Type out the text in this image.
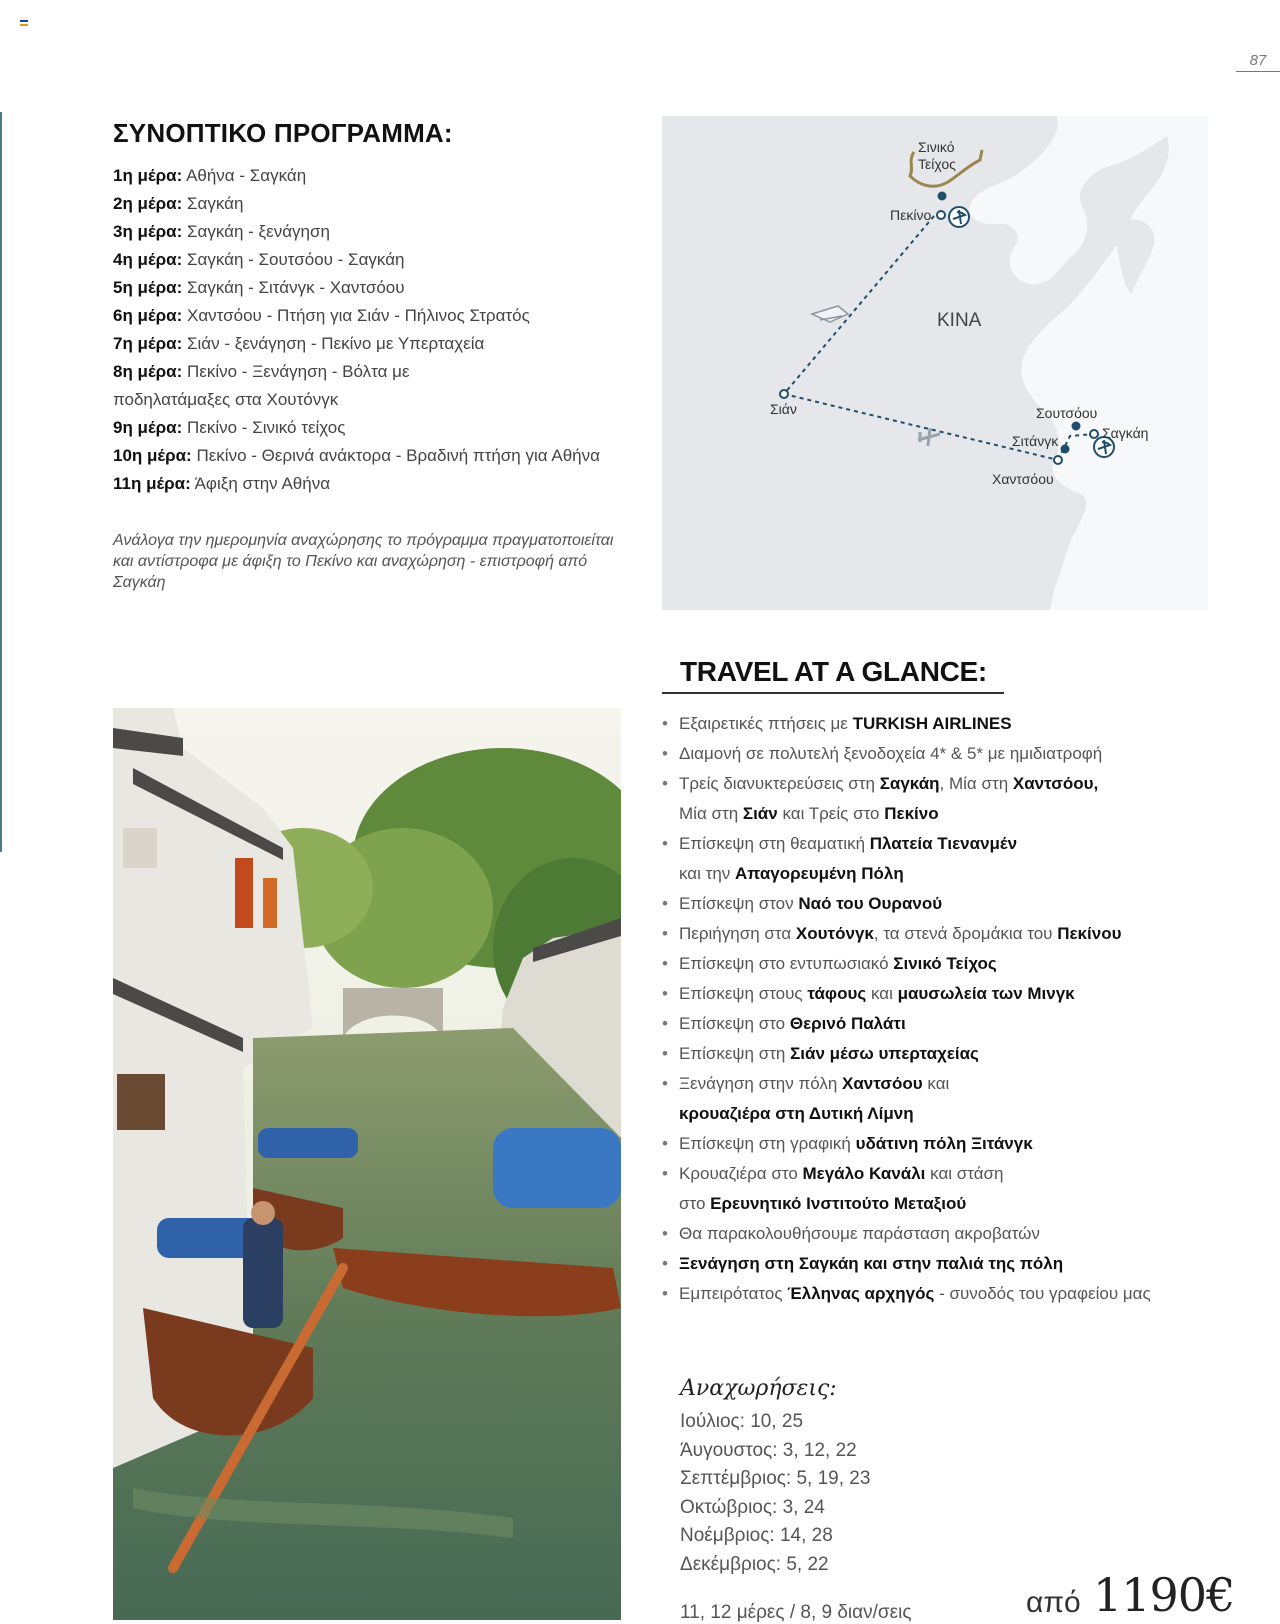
87
ΣΥΝΟΠΤΙΚΟ ΠΡΟΓΡΑΜΜΑ:
1η μέρα: Αθήνα - Σαγκάη
2η μέρα: Σαγκάη
3η μέρα: Σαγκάη - ξενάγηση
4η μέρα: Σαγκάη - Σουτσόου - Σαγκάη
5η μέρα: Σαγκάη - Σιτάνγκ - Χαντσόου
6η μέρα: Χαντσόου - Πτήση για Σιάν - Πήλινος Στρατός
7η μέρα: Σιάν - ξενάγηση - Πεκίνο με Υπερταχεία
8η μέρα: Πεκίνο - Ξενάγηση - Βόλτα με
ποδηλατάμαξες στα Χουτόνγκ
9η μέρα: Πεκίνο - Σινικό τείχος
10η μέρα: Πεκίνο - Θερινά ανάκτορα - Βραδινή πτήση για Αθήνα
11η μέρα: Άφιξη στην Αθήνα
Ανάλογα την ημερομηνία αναχώρησης το πρόγραμμα πραγματοποιείται και αντίστροφα με άφιξη το Πεκίνο και αναχώρηση - επιστροφή από Σαγκάη
Σινικό
Τείχος
Πεκίνο
ΚΙΝΑ
Σιάν	Σουτσόου
Σαγκάη
Σιτάνγκ
Χαντσόου
TRAVEL AT A GLANCE:
• Εξαιρετικές πτήσεις με TURKISH AIRLINES
• Διαμονή σε πολυτελή ξενοδοχεία 4* & 5* με ημιδιατροφή
• Τρείς διανυκτερεύσεις στη Σαγκάη, Μία στη Χαντσόου,
Μία στη Σιάν και Τρείς στο Πεκίνο
• Επίσκεψη στη θεαματική Πλατεία Τιενανμέν
και την Απαγορευμένη Πόλη
• Επίσκεψη στον Ναό του Ουρανού
• Περιήγηση στα Χουτόνγκ, τα στενά δρομάκια του Πεκίνου
• Επίσκεψη στο εντυπωσιακό Σινικό Τείχος
• Επίσκεψη στους τάφους και μαυσωλεία των Μινγκ
• Επίσκεψη στο Θερινό Παλάτι
• Επίσκεψη στη Σιάν μέσω υπερταχείας
• Ξενάγηση στην πόλη Χαντσόου και
κρουαζιέρα στη Δυτική Λίμνη
• Επίσκεψη στη γραφική υδάτινη πόλη Ξιτάνγκ
• Κρουαζιέρα στο Μεγάλο Κανάλι και στάση
στο Ερευνητικό Ινστιτούτο Μεταξιού
• Θα παρακολουθήσουμε παράσταση ακροβατών
• Ξενάγηση στη Σαγκάη και στην παλιά της πόλη
• Εμπειρότατος Έλληνας αρχηγός - συνοδός του γραφείου μας
Αναχωρήσεις:
Ιούλιος: 10, 25
Άυγουστος: 3, 12, 22
Σεπτέμβριος: 5, 19, 23
Οκτώβριος: 3, 24
Νοέμβριος: 14, 28
Δεκέμβριος: 5, 22
11, 12 μέρες / 8, 9 διαν/σεις	από 1190€
